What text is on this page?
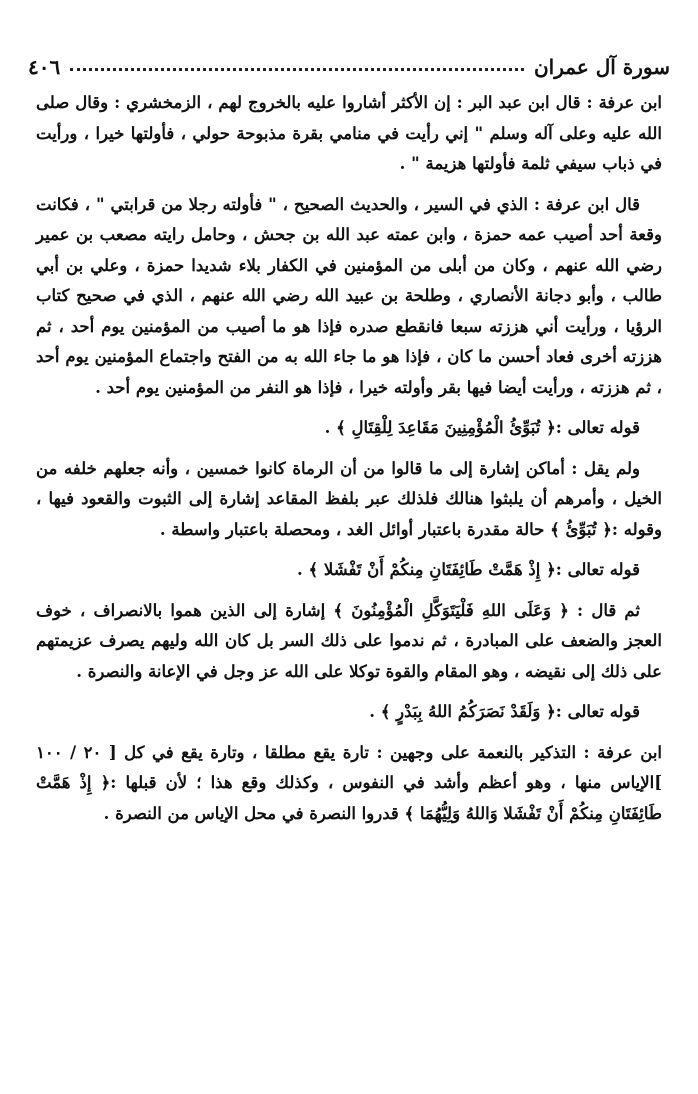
سورة آل عمران
٤٠٦

ابن عرفة : قال ابن عبد البر : إن الأكثر أشاروا عليه بالخروج لهم ، الزمخشري : وقال صلى الله عليه وعلى آله وسلم " إني رأيت في منامي بقرة مذبوحة حولي ، فأولتها خيرا ، ورأيت في ذباب سيفي ثلمة فأولتها هزيمة " .

قال ابن عرفة : الذي في السير ، والحديث الصحيح ، " فأولته رجلا من قرابتي " ، فكانت وقعة أحد أصيب عمه حمزة ، وابن عمته عبد الله بن جحش ، وحامل رايته مصعب بن عمير رضي الله عنهم ، وكان من أبلى من المؤمنين في الكفار بلاء شديدا حمزة ، وعلي بن أبي طالب ، وأبو دجانة الأنصاري ، وطلحة بن عبيد الله رضي الله عنهم ، الذي في صحيح كتاب الرؤيا ، ورأيت أني هززته سبعا فانقطع صدره فإذا هو ما أصيب من المؤمنين يوم أحد ، ثم هززته أخرى فعاد أحسن ما كان ، فإذا هو ما جاء الله به من الفتح واجتماع المؤمنين يوم أحد ، ثم هززته ، ورأيت أيضا فيها بقر وأولته خيرا ، فإذا هو النفر من المؤمنين يوم أحد .

قوله تعالى :﴿ تُبَوِّئُ الْمُؤْمِنِينَ مَقَاعِدَ لِلْقِتَالِ ﴾ .

ولم يقل : أماكن إشارة إلى ما قالوا من أن الرماة كانوا خمسين ، وأنه جعلهم خلفه من الخيل ، وأمرهم أن يلبثوا هنالك فلذلك عبر بلفظ المقاعد إشارة إلى الثبوت والقعود فيها ، وقوله :﴿ تُبَوِّئُ ﴾ حالة مقدرة باعتبار أوائل الغد ، ومحصلة باعتبار واسطة .

قوله تعالى :﴿ إِذْ هَمَّتْ طَائِفَتَانِ مِنكُمْ أَنْ تَفْشَلا ﴾ .

ثم قال : ﴿ وَعَلَى اللهِ فَلْيَتَوَكَّلِ الْمُؤْمِنُونَ ﴾ إشارة إلى الذين هموا بالانصراف ، خوف العجز والضعف على المبادرة ، ثم ندموا على ذلك السر بل كان الله وليهم يصرف عزيمتهم على ذلك إلى نقيضه ، وهو المقام والقوة توكلا على الله عز وجل في الإعانة والنصرة .

قوله تعالى :﴿ وَلَقَدْ نَصَرَكُمُ اللهُ بِبَدْرٍ ﴾ .

ابن عرفة : التذكير بالنعمة على وجهين : تارة يقع مطلقا ، وتارة يقع في كل [ ٢٠ / ١٠٠ ]الإياس منها ، وهو أعظم وأشد في النفوس ، وكذلك وقع هذا ؛ لأن قبلها :﴿ إِذْ هَمَّتْ طَائِفَتَانِ مِنكُمْ أَنْ تَفْشَلا وَاللهُ وَلِيُّهُمَا ﴾ قدروا النصرة في محل الإياس من النصرة .
